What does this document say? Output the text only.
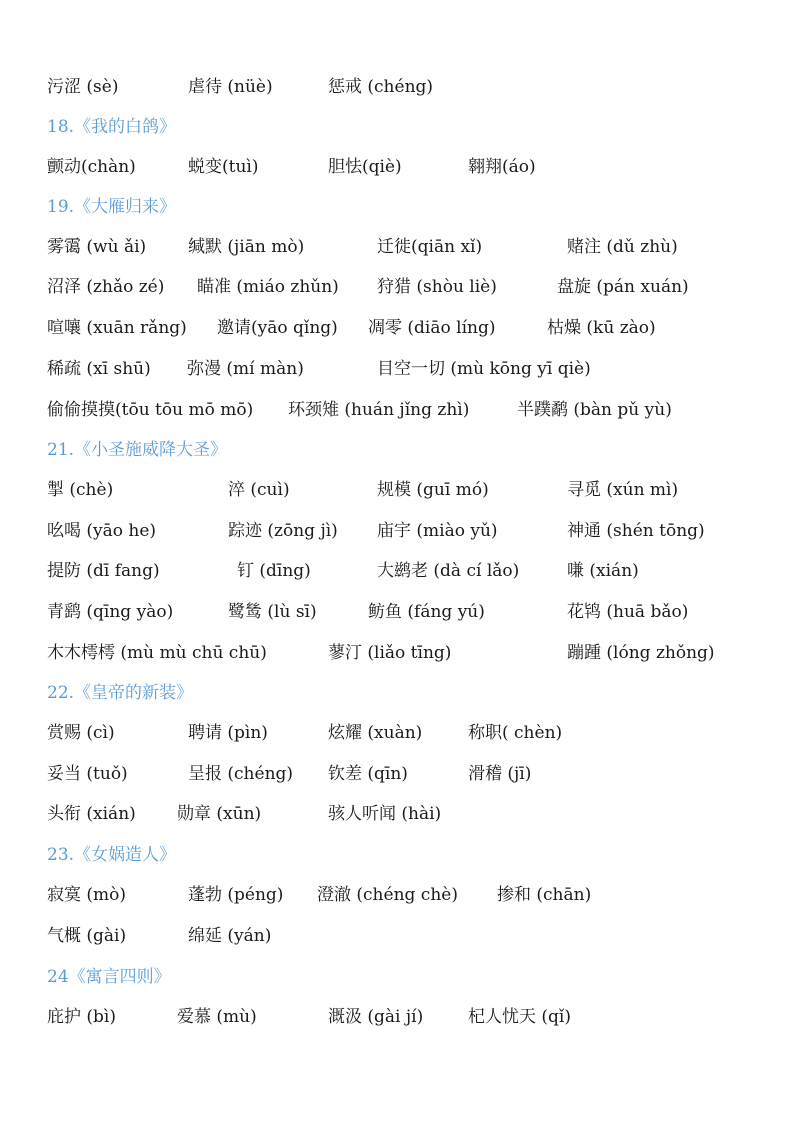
污涩 (sè)	虐待 (nüè)	惩戒 (chéng)
18.《我的白鸽》
颤动(chàn)	蜕变(tuì)	胆怯(qiè)	翱翔(áo)
19.《大雁归来》
雾霭 (wù ǎi) 缄默 (jiān mò)	迁徙(qiān xǐ)	赌注 (dǔ zhù)
沼泽 (zhǎo zé) 瞄准 (miáo zhǔn) 狩猎 (shòu liè)	盘旋 (pán xuán)
喧嚷 (xuān rǎng) 邀请(yāo qǐng) 凋零 (diāo líng)	枯燥 (kū zào)
稀疏 (xī shū) 弥漫 (mí màn)	目空一切 (mù kōng yī qiè)
偷偷摸摸(tōu tōu mō mō) 环颈雉 (huán jǐng zhì)	半蹼鹬 (bàn pǔ yù)
21.《小圣施威降大圣》
掣 (chè)	淬 (cuì)	规模 (guī mó)	寻觅 (xún mì)
吆喝 (yāo he)	踪迹 (zōng jì) 庙宇 (miào yǔ)	神通 (shén tōng)
提防 (dī fang)	钉 (dīng)	大鹚老 (dà cí lǎo)	嗛 (xián)
青鹞 (qīng yào)	鹭鸶 (lù sī)	鲂鱼 (fáng yú)	花鸨 (huā bǎo)
木木樗樗 (mù mù chū chū)	蓼汀 (liǎo tīng)	蹦踵 (lóng zhǒng)
22.《皇帝的新装》
赏赐 (cì)	聘请 (pìn)	炫耀 (xuàn)	称职( chèn)
妥当 (tuǒ)	呈报 (chéng) 钦差 (qīn)	滑稽 (jī)
头衔 (xián) 勋章 (xūn)	骇人听闻 (hài)
23.《女娲造人》
寂寞 (mò)	蓬勃 (péng) 澄澈 (chéng chè) 掺和 (chān)
气概 (gài)	绵延 (yán)
24《寓言四则》
庇护 (bì)	爱慕 (mù)	溉汲 (gài jí)	杞人忧天 (qǐ)
